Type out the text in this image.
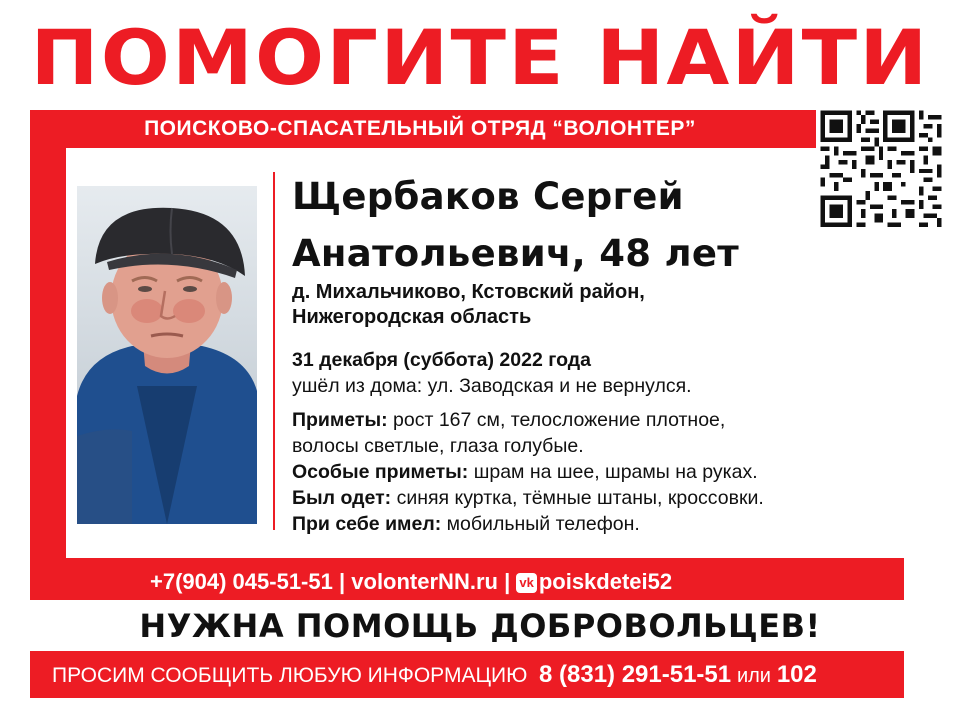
ПОМОГИТЕ НАЙТИ
ПОИСКОВО-СПАСАТЕЛЬНЫЙ ОТРЯД “ВОЛОНТЕР”
Щербаков Сергей
Анатольевич, 48 лет
д. Михальчиково, Кстовский район,
Нижегородская область
31 декабря (суббота) 2022 года
ушёл из дома: ул. Заводская и не вернулся.
Приметы: рост 167 см, телосложение плотное,
волосы светлые, глаза голубые.
Особые приметы: шрам на шее, шрамы на руках.
Был одет: синяя куртка, тёмные штаны, кроссовки.
При себе имел: мобильный телефон.
+7(904) 045-51-51 | volonterNN.ru | vk poiskdetei52
НУЖНА ПОМОЩЬ ДОБРОВОЛЬЦЕВ!
ПРОСИМ СООБЩИТЬ ЛЮБУЮ ИНФОРМАЦИЮ 8 (831) 291-51-51 или 102
